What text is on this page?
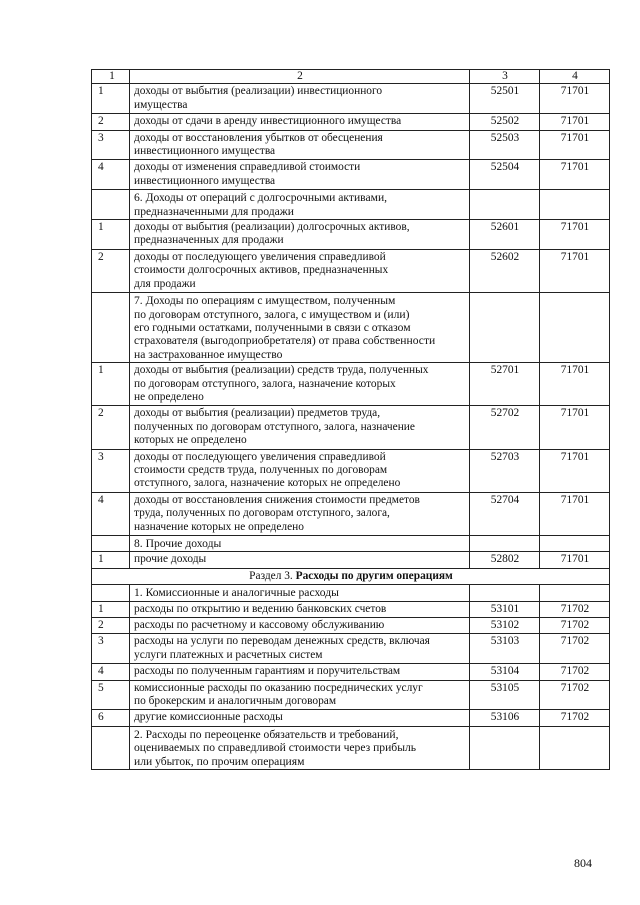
1	2	3	4
1	доходы от выбытия (реализации) инвестиционного
имущества	52501	71701
2	доходы от сдачи в аренду инвестиционного имущества	52502	71701
3	доходы от восстановления убытков от обесценения
инвестиционного имущества	52503	71701
4	доходы от изменения справедливой стоимости
инвестиционного имущества	52504	71701
	6. Доходы от операций с долгосрочными активами,
предназначенными для продажи		
1	доходы от выбытия (реализации) долгосрочных активов,
предназначенных для продажи	52601	71701
2	доходы от последующего увеличения справедливой
стоимости долгосрочных активов, предназначенных
для продажи	52602	71701
	7. Доходы по операциям с имуществом, полученным
по договорам отступного, залога, с имуществом и (или)
его годными остатками, полученными в связи с отказом
страхователя (выгодоприобретателя) от права собственности
на застрахованное имущество		
1	доходы от выбытия (реализации) средств труда, полученных
по договорам отступного, залога, назначение которых
не определено	52701	71701
2	доходы от выбытия (реализации) предметов труда,
полученных по договорам отступного, залога, назначение
которых не определено	52702	71701
3	доходы от последующего увеличения справедливой
стоимости средств труда, полученных по договорам
отступного, залога, назначение которых не определено	52703	71701
4	доходы от восстановления снижения стоимости предметов
труда, полученных по договорам отступного, залога,
назначение которых не определено	52704	71701
	8. Прочие доходы		
1	прочие доходы	52802	71701
Раздел 3. Расходы по другим операциям			
	1. Комиссионные и аналогичные расходы		
1	расходы по открытию и ведению банковских счетов	53101	71702
2	расходы по расчетному и кассовому обслуживанию	53102	71702
3	расходы на услуги по переводам денежных средств, включая
услуги платежных и расчетных систем	53103	71702
4	расходы по полученным гарантиям и поручительствам	53104	71702
5	комиссионные расходы по оказанию посреднических услуг
по брокерским и аналогичным договорам	53105	71702
6	другие комиссионные расходы	53106	71702
	2. Расходы по переоценке обязательств и требований,
оцениваемых по справедливой стоимости через прибыль
или убыток, по прочим операциям		
804
